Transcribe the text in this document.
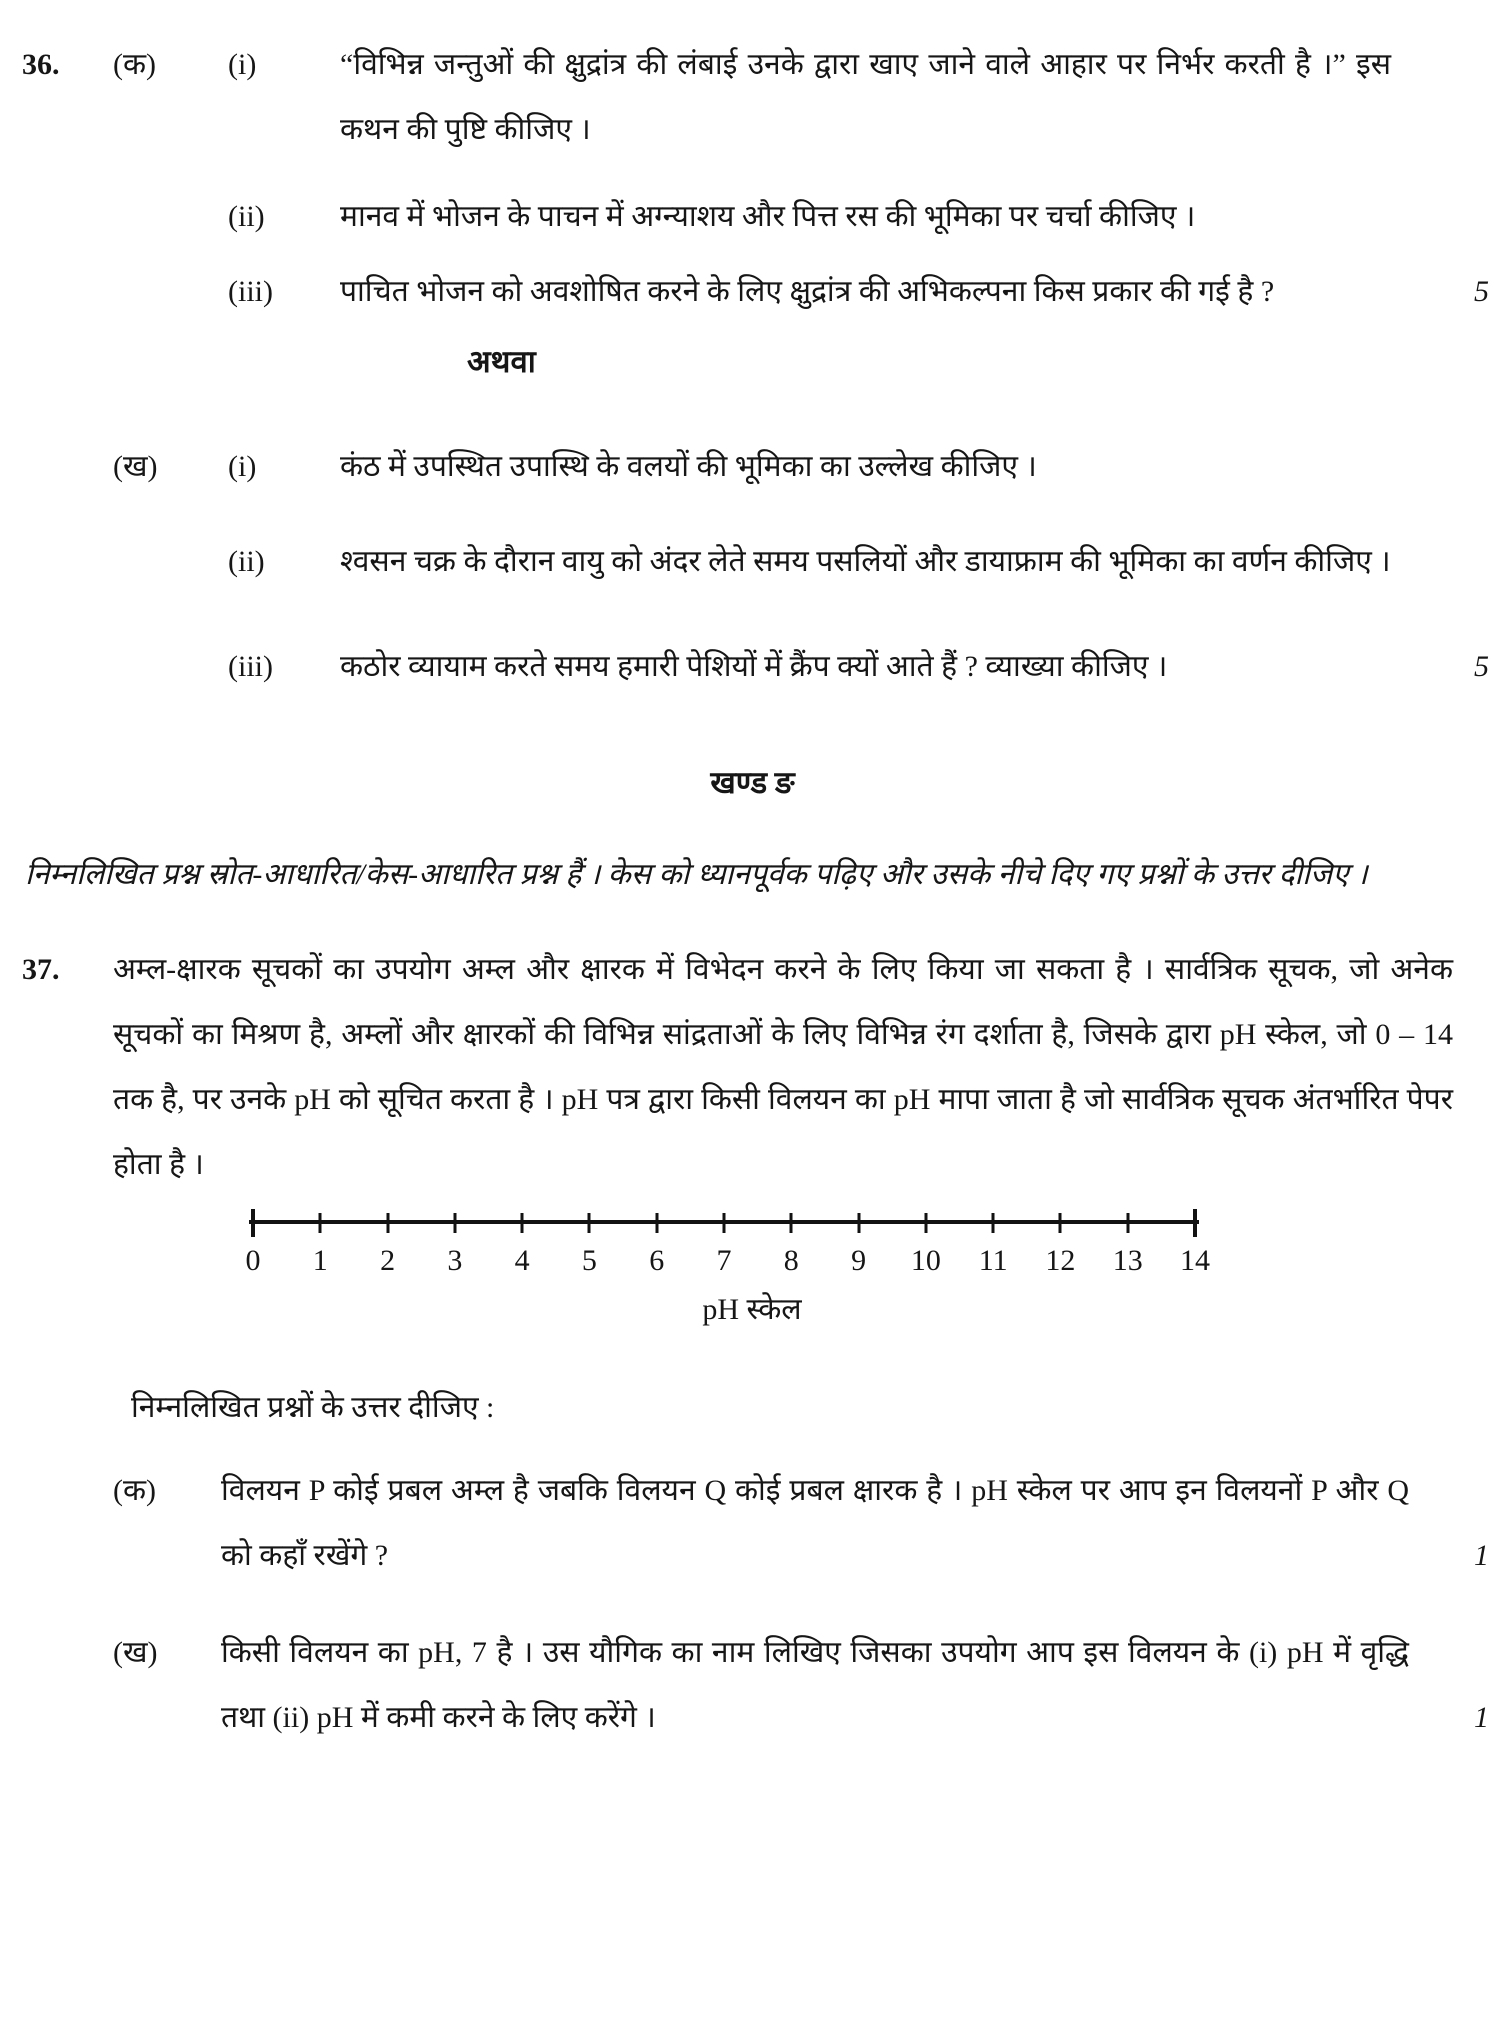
36.	(क)	(i)	“विभिन्न जन्तुओं की क्षुद्रांत्र की लंबाई उनके द्वारा खाए जाने वाले आहार पर निर्भर करती है ।” इस कथन की पुष्टि कीजिए ।
(ii)	मानव में भोजन के पाचन में अग्न्याशय और पित्त रस की भूमिका पर चर्चा कीजिए ।
(iii)	पाचित भोजन को अवशोषित करने के लिए क्षुद्रांत्र की अभिकल्पना किस प्रकार की गई है ?	5
अथवा
(ख)	(i)	कंठ में उपस्थित उपास्थि के वलयों की भूमिका का उल्लेख कीजिए ।
(ii)	श्वसन चक्र के दौरान वायु को अंदर लेते समय पसलियों और डायाफ्राम की भूमिका का वर्णन कीजिए ।
(iii)	कठोर व्यायाम करते समय हमारी पेशियों में क्रैंप क्यों आते हैं ? व्याख्या कीजिए ।	5
खण्ड ङ
निम्नलिखित प्रश्न स्रोत-आधारित/केस-आधारित प्रश्न हैं । केस को ध्यानपूर्वक पढ़िए और उसके नीचे दिए गए प्रश्नों के उत्तर दीजिए ।
37.	अम्ल-क्षारक सूचकों का उपयोग अम्ल और क्षारक में विभेदन करने के लिए किया जा सकता है । सार्वत्रिक सूचक, जो अनेक सूचकों का मिश्रण है, अम्लों और क्षारकों की विभिन्न सांद्रताओं के लिए विभिन्न रंग दर्शाता है, जिसके द्वारा pH स्केल, जो 0 – 14 तक है, पर उनके pH को सूचित करता है । pH पत्र द्वारा किसी विलयन का pH मापा जाता है जो सार्वत्रिक सूचक अंतर्भारित पेपर होता है ।
0 1 2 3 4 5 6 7 8 9 10 11 12 13 14
pH स्केल
निम्नलिखित प्रश्नों के उत्तर दीजिए :
(क)	विलयन P कोई प्रबल अम्ल है जबकि विलयन Q कोई प्रबल क्षारक है । pH स्केल पर आप इन विलयनों P और Q को कहाँ रखेंगे ?	1
(ख)	किसी विलयन का pH, 7 है । उस यौगिक का नाम लिखिए जिसका उपयोग आप इस विलयन के (i) pH में वृद्धि तथा (ii) pH में कमी करने के लिए करेंगे ।	1
